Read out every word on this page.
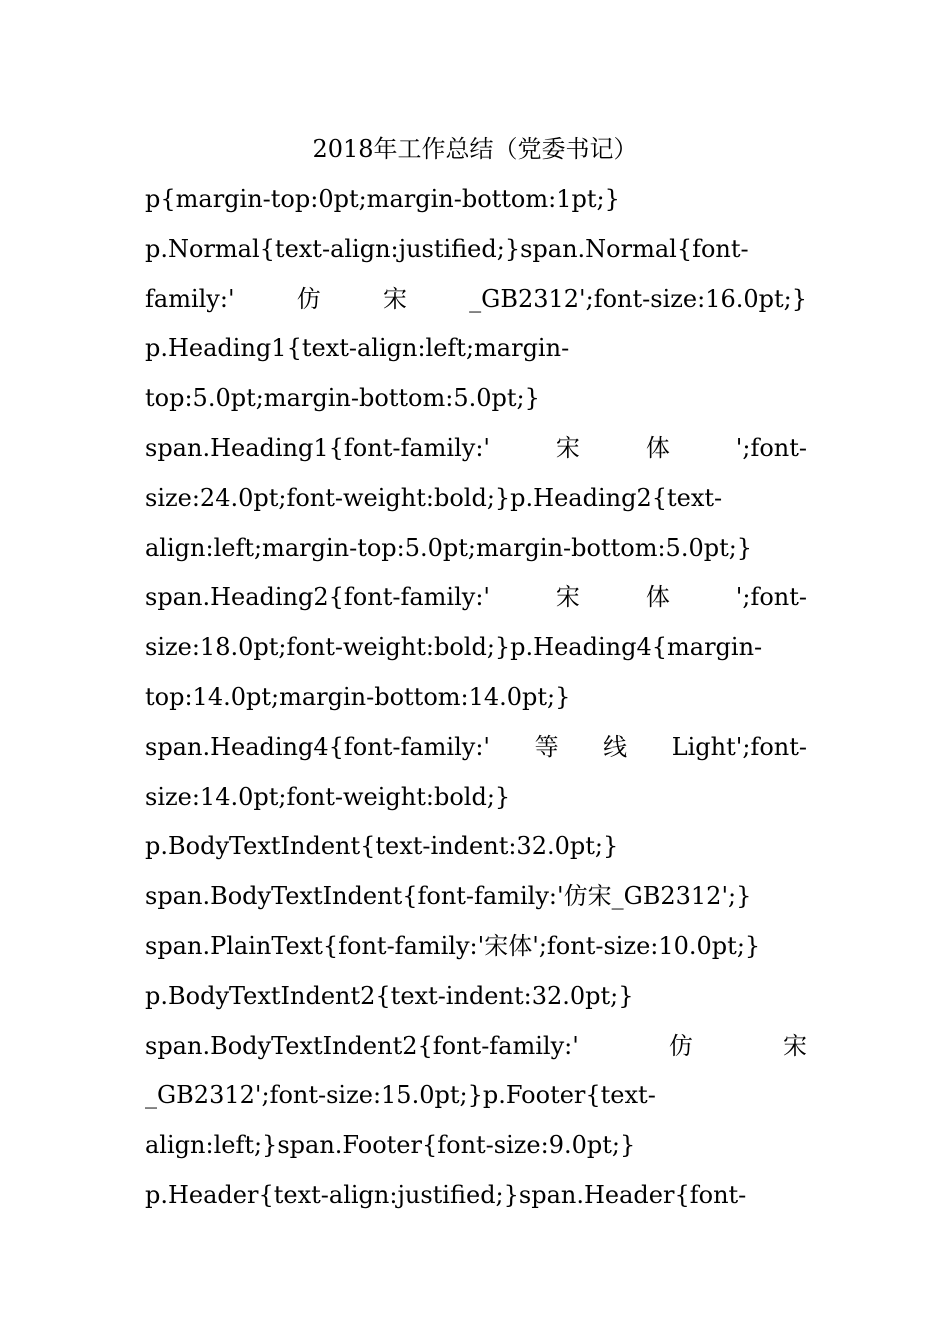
2018年工作总结（党委书记）
p{margin-top:0pt;margin-bottom:1pt;}
p.Normal{text-align:justified;}span.Normal{font-
family:'	仿	宋	_GB2312';font-size:16.0pt;}
p.Heading1{text-align:left;margin-
top:5.0pt;margin-bottom:5.0pt;}
span.Heading1{font-family:'	宋	体	';font-
size:24.0pt;font-weight:bold;}p.Heading2{text-
align:left;margin-top:5.0pt;margin-bottom:5.0pt;}
span.Heading2{font-family:'	宋	体	';font-
size:18.0pt;font-weight:bold;}p.Heading4{margin-
top:14.0pt;margin-bottom:14.0pt;}
span.Heading4{font-family:' 等 线 Light';font-
size:14.0pt;font-weight:bold;}
p.BodyTextIndent{text-indent:32.0pt;}
span.BodyTextIndent{font-family:'仿宋_GB2312';}
span.PlainText{font-family:'宋体';font-size:10.0pt;}
p.BodyTextIndent2{text-indent:32.0pt;}
span.BodyTextIndent2{font-family:'	仿	宋
_GB2312';font-size:15.0pt;}p.Footer{text-
align:left;}span.Footer{font-size:9.0pt;}
p.Header{text-align:justified;}span.Header{font-
